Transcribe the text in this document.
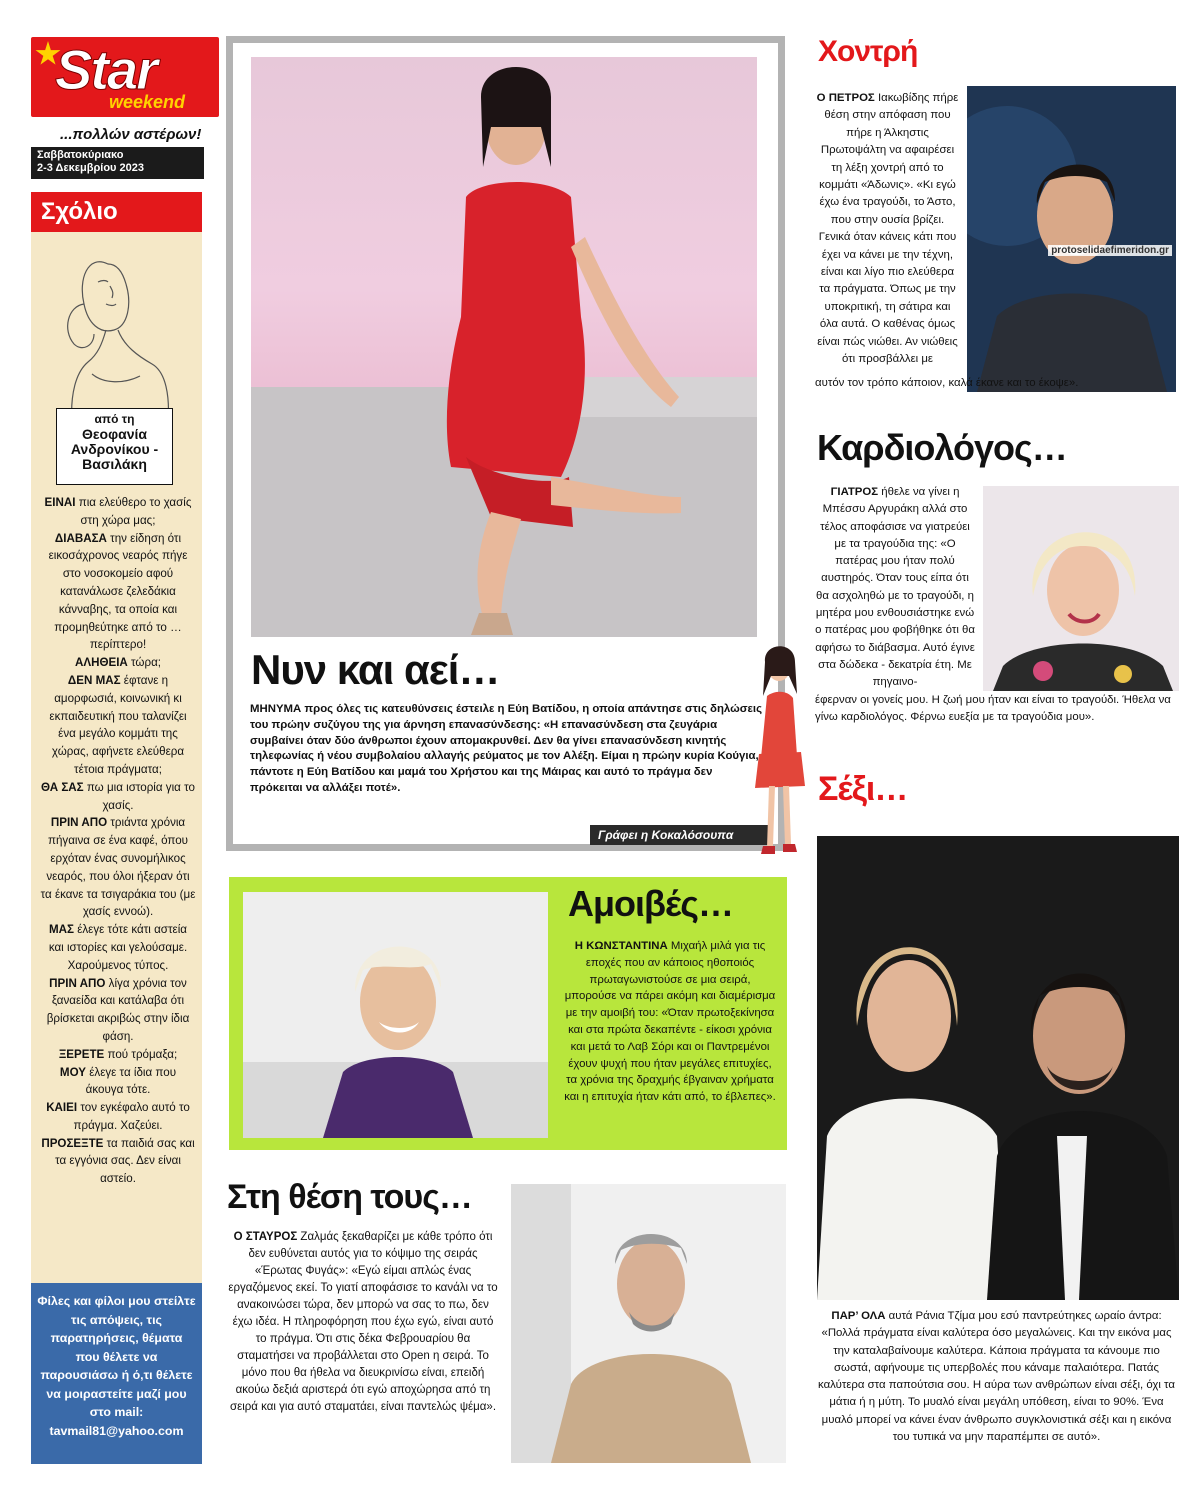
Star
weekend
...πολλών αστέρων!
Σαββατοκύριακο
2-3 Δεκεμβρίου 2023
Σχόλιο
από τη
Θεοφανία Ανδρονίκου - Βασιλάκη

ΕΙΝΑΙ πια ελεύθερο το χασίς στη χώρα μας;

ΔΙΑΒΑΣΑ την είδηση ότι εικοσάχρονος νεαρός πήγε στο νοσοκομείο αφού κατανάλωσε ζελεδάκια κάνναβης, τα οποία και προμηθεύτηκε από το …περίπτερο!

ΑΛΗΘΕΙΑ τώρα;

ΔΕΝ ΜΑΣ έφτανε η αμορφωσιά, κοινωνική κι εκπαιδευτική που ταλανίζει ένα μεγάλο κομμάτι της χώρας, αφήνετε ελεύθερα τέτοια πράγματα;

ΘΑ ΣΑΣ πω μια ιστορία για το χασίς.

ΠΡΙΝ ΑΠΟ τριάντα χρόνια πήγαινα σε ένα καφέ, όπου ερχόταν ένας συνομήλικος νεαρός, που όλοι ήξεραν ότι τα έκανε τα τσιγαράκια του (με χασίς εννοώ).

ΜΑΣ έλεγε τότε κάτι αστεία και ιστορίες και γελούσαμε. Χαρούμενος τύπος.

ΠΡΙΝ ΑΠΟ λίγα χρόνια τον ξαναείδα και κατάλαβα ότι βρίσκεται ακριβώς στην ίδια φάση.

ΞΕΡΕΤΕ πού τρόμαξα;

ΜΟΥ έλεγε τα ίδια που άκουγα τότε.

ΚΑΙΕΙ τον εγκέφαλο αυτό το πράγμα. Χαζεύει.

ΠΡΟΣΕΞΤΕ τα παιδιά σας και τα εγγόνια σας. Δεν είναι αστείο.

Φίλες και φίλοι μου στείλτε τις απόψεις, τις παρατηρήσεις, θέματα που θέλετε να παρουσιάσω ή ό,τι θέλετε να μοιραστείτε μαζί μου στο mail:
tavmail81@yahoo.com
Νυν και αεί…
ΜΗΝΥΜΑ προς όλες τις κατευθύνσεις έστειλε η Εύη Βατίδου, η οποία απάντησε στις δηλώσεις του πρώην συζύγου της για άρνηση επανασύνδεσης: «Η επανασύνδεση στα ζευγάρια συμβαίνει όταν δύο άνθρωποι έχουν απομακρυνθεί. Δεν θα γίνει επανασύνδεση κινητής τηλεφωνίας ή νέου συμβολαίου αλλαγής ρεύματος με τον Αλέξη. Είμαι η πρώην κυρία Κούγια, πάντοτε η Εύη Βατίδου και μαμά του Χρήστου και της Μάιρας και αυτό το πράγμα δεν πρόκειται να αλλάξει ποτέ».
Γράφει η Κοκαλόσουπα
Αμοιβές…
Η ΚΩΝΣΤΑΝΤΙΝΑ Μιχαήλ μιλά για τις εποχές που αν κάποιος ηθοποιός πρωταγωνιστούσε σε μια σειρά, μπορούσε να πάρει ακόμη και διαμέρισμα με την αμοιβή του: «Όταν πρωτοξεκίνησα και στα πρώτα δεκαπέντε - είκοσι χρόνια και μετά το Λαβ Σόρι και οι Παντρεμένοι έχουν ψυχή που ήταν μεγάλες επιτυχίες, τα χρόνια της δραχμής έβγαιναν χρήματα και η επιτυχία ήταν κάτι από, το έβλεπες».
Στη θέση τους…
Ο ΣΤΑΥΡΟΣ Ζαλμάς ξεκαθαρίζει με κάθε τρόπο ότι δεν ευθύνεται αυτός για το κόψιμο της σειράς «Έρωτας Φυγάς»: «Εγώ είμαι απλώς ένας εργαζόμενος εκεί. Το γιατί αποφάσισε το κανάλι να το ανακοινώσει τώρα, δεν μπορώ να σας το πω, δεν έχω ιδέα. Η πληροφόρηση που έχω εγώ, είναι αυτό το πράγμα. Ότι στις δέκα Φεβρουαρίου θα σταματήσει να προβάλλεται στο Open η σειρά. Το μόνο που θα ήθελα να διευκρινίσω είναι, επειδή ακούω δεξιά αριστερά ότι εγώ αποχώρησα από τη σειρά και για αυτό σταματάει, είναι παντελώς ψέμα».
Χοντρή
protoselidaefimeridon.gr
Ο ΠΕΤΡΟΣ Ιακωβίδης πήρε θέση στην απόφαση που πήρε η Άλκηστις Πρωτοψάλτη να αφαιρέσει τη λέξη χοντρή από το κομμάτι «Άδωνις». «Κι εγώ έχω ένα τραγούδι, το Άστο, που στην ουσία βρίζει. Γενικά όταν κάνεις κάτι που έχει να κάνει με την τέχνη, είναι και λίγο πιο ελεύθερα τα πράγματα. Όπως με την υποκριτική, τη σάτιρα και όλα αυτά. Ο καθένας όμως είναι πώς νιώθει. Αν νιώθεις ότι προσβάλλει με
αυτόν τον τρόπο κάποιον, καλά έκανε και το έκοψε».
Καρδιολόγος…
ΓΙΑΤΡΟΣ ήθελε να γίνει η Μπέσσυ Αργυράκη αλλά στο τέλος αποφάσισε να γιατρεύει με τα τραγούδια της: «Ο πατέρας μου ήταν πολύ αυστηρός. Όταν τους είπα ότι θα ασχοληθώ με το τραγούδι, η μητέρα μου ενθουσιάστηκε ενώ ο πατέρας μου φοβήθηκε ότι θα αφήσω το διάβασμα. Αυτό έγινε στα δώδεκα - δεκατρία έτη. Με πηγαινο-
έφερναν οι γονείς μου. Η ζωή μου ήταν και είναι το τραγούδι. Ήθελα να γίνω καρδιολόγος. Φέρνω ευεξία με τα τραγούδια μου».
Σέξι…
ΠΑΡ’ ΟΛΑ αυτά Ράνια Τζίμα μου εσύ παντρεύτηκες ωραίο άντρα: «Πολλά πράγματα είναι καλύτερα όσο μεγαλώνεις. Και την εικόνα μας την καταλαβαίνουμε καλύτερα. Κάποια πράγματα τα κάνουμε πιο σωστά, αφήνουμε τις υπερβολές που κάναμε παλαιότερα. Πατάς καλύτερα στα παπούτσια σου. Η αύρα των ανθρώπων είναι σέξι, όχι τα μάτια ή η μύτη. Το μυαλό είναι μεγάλη υπόθεση, είναι το 90%. Ένα μυαλό μπορεί να κάνει έναν άνθρωπο συγκλονιστικά σέξι και η εικόνα του τυπικά να μην παραπέμπει σε αυτό».
